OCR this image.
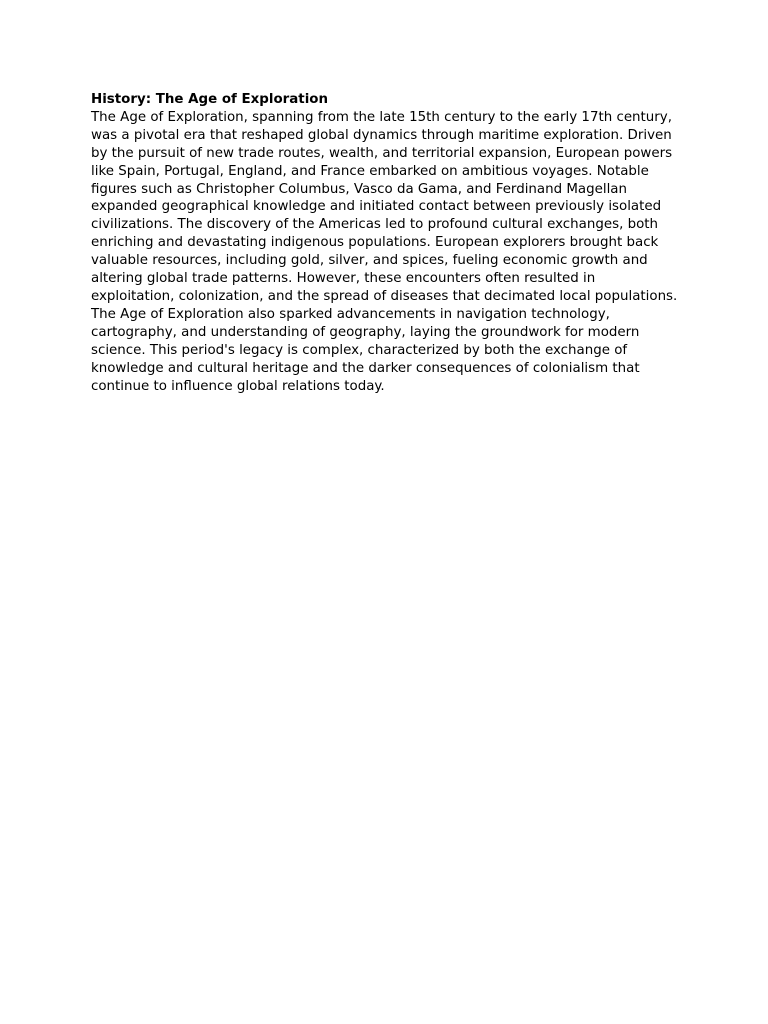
History: The Age of Exploration

The Age of Exploration, spanning from the late 15th century to the early 17th century, was a pivotal era that reshaped global dynamics through maritime exploration. Driven by the pursuit of new trade routes, wealth, and territorial expansion, European powers like Spain, Portugal, England, and France embarked on ambitious voyages. Notable figures such as Christopher Columbus, Vasco da Gama, and Ferdinand Magellan expanded geographical knowledge and initiated contact between previously isolated civilizations. The discovery of the Americas led to profound cultural exchanges, both enriching and devastating indigenous populations. European explorers brought back valuable resources, including gold, silver, and spices, fueling economic growth and altering global trade patterns. However, these encounters often resulted in exploitation, colonization, and the spread of diseases that decimated local populations. The Age of Exploration also sparked advancements in navigation technology, cartography, and understanding of geography, laying the groundwork for modern science. This period's legacy is complex, characterized by both the exchange of knowledge and cultural heritage and the darker consequences of colonialism that continue to influence global relations today.
